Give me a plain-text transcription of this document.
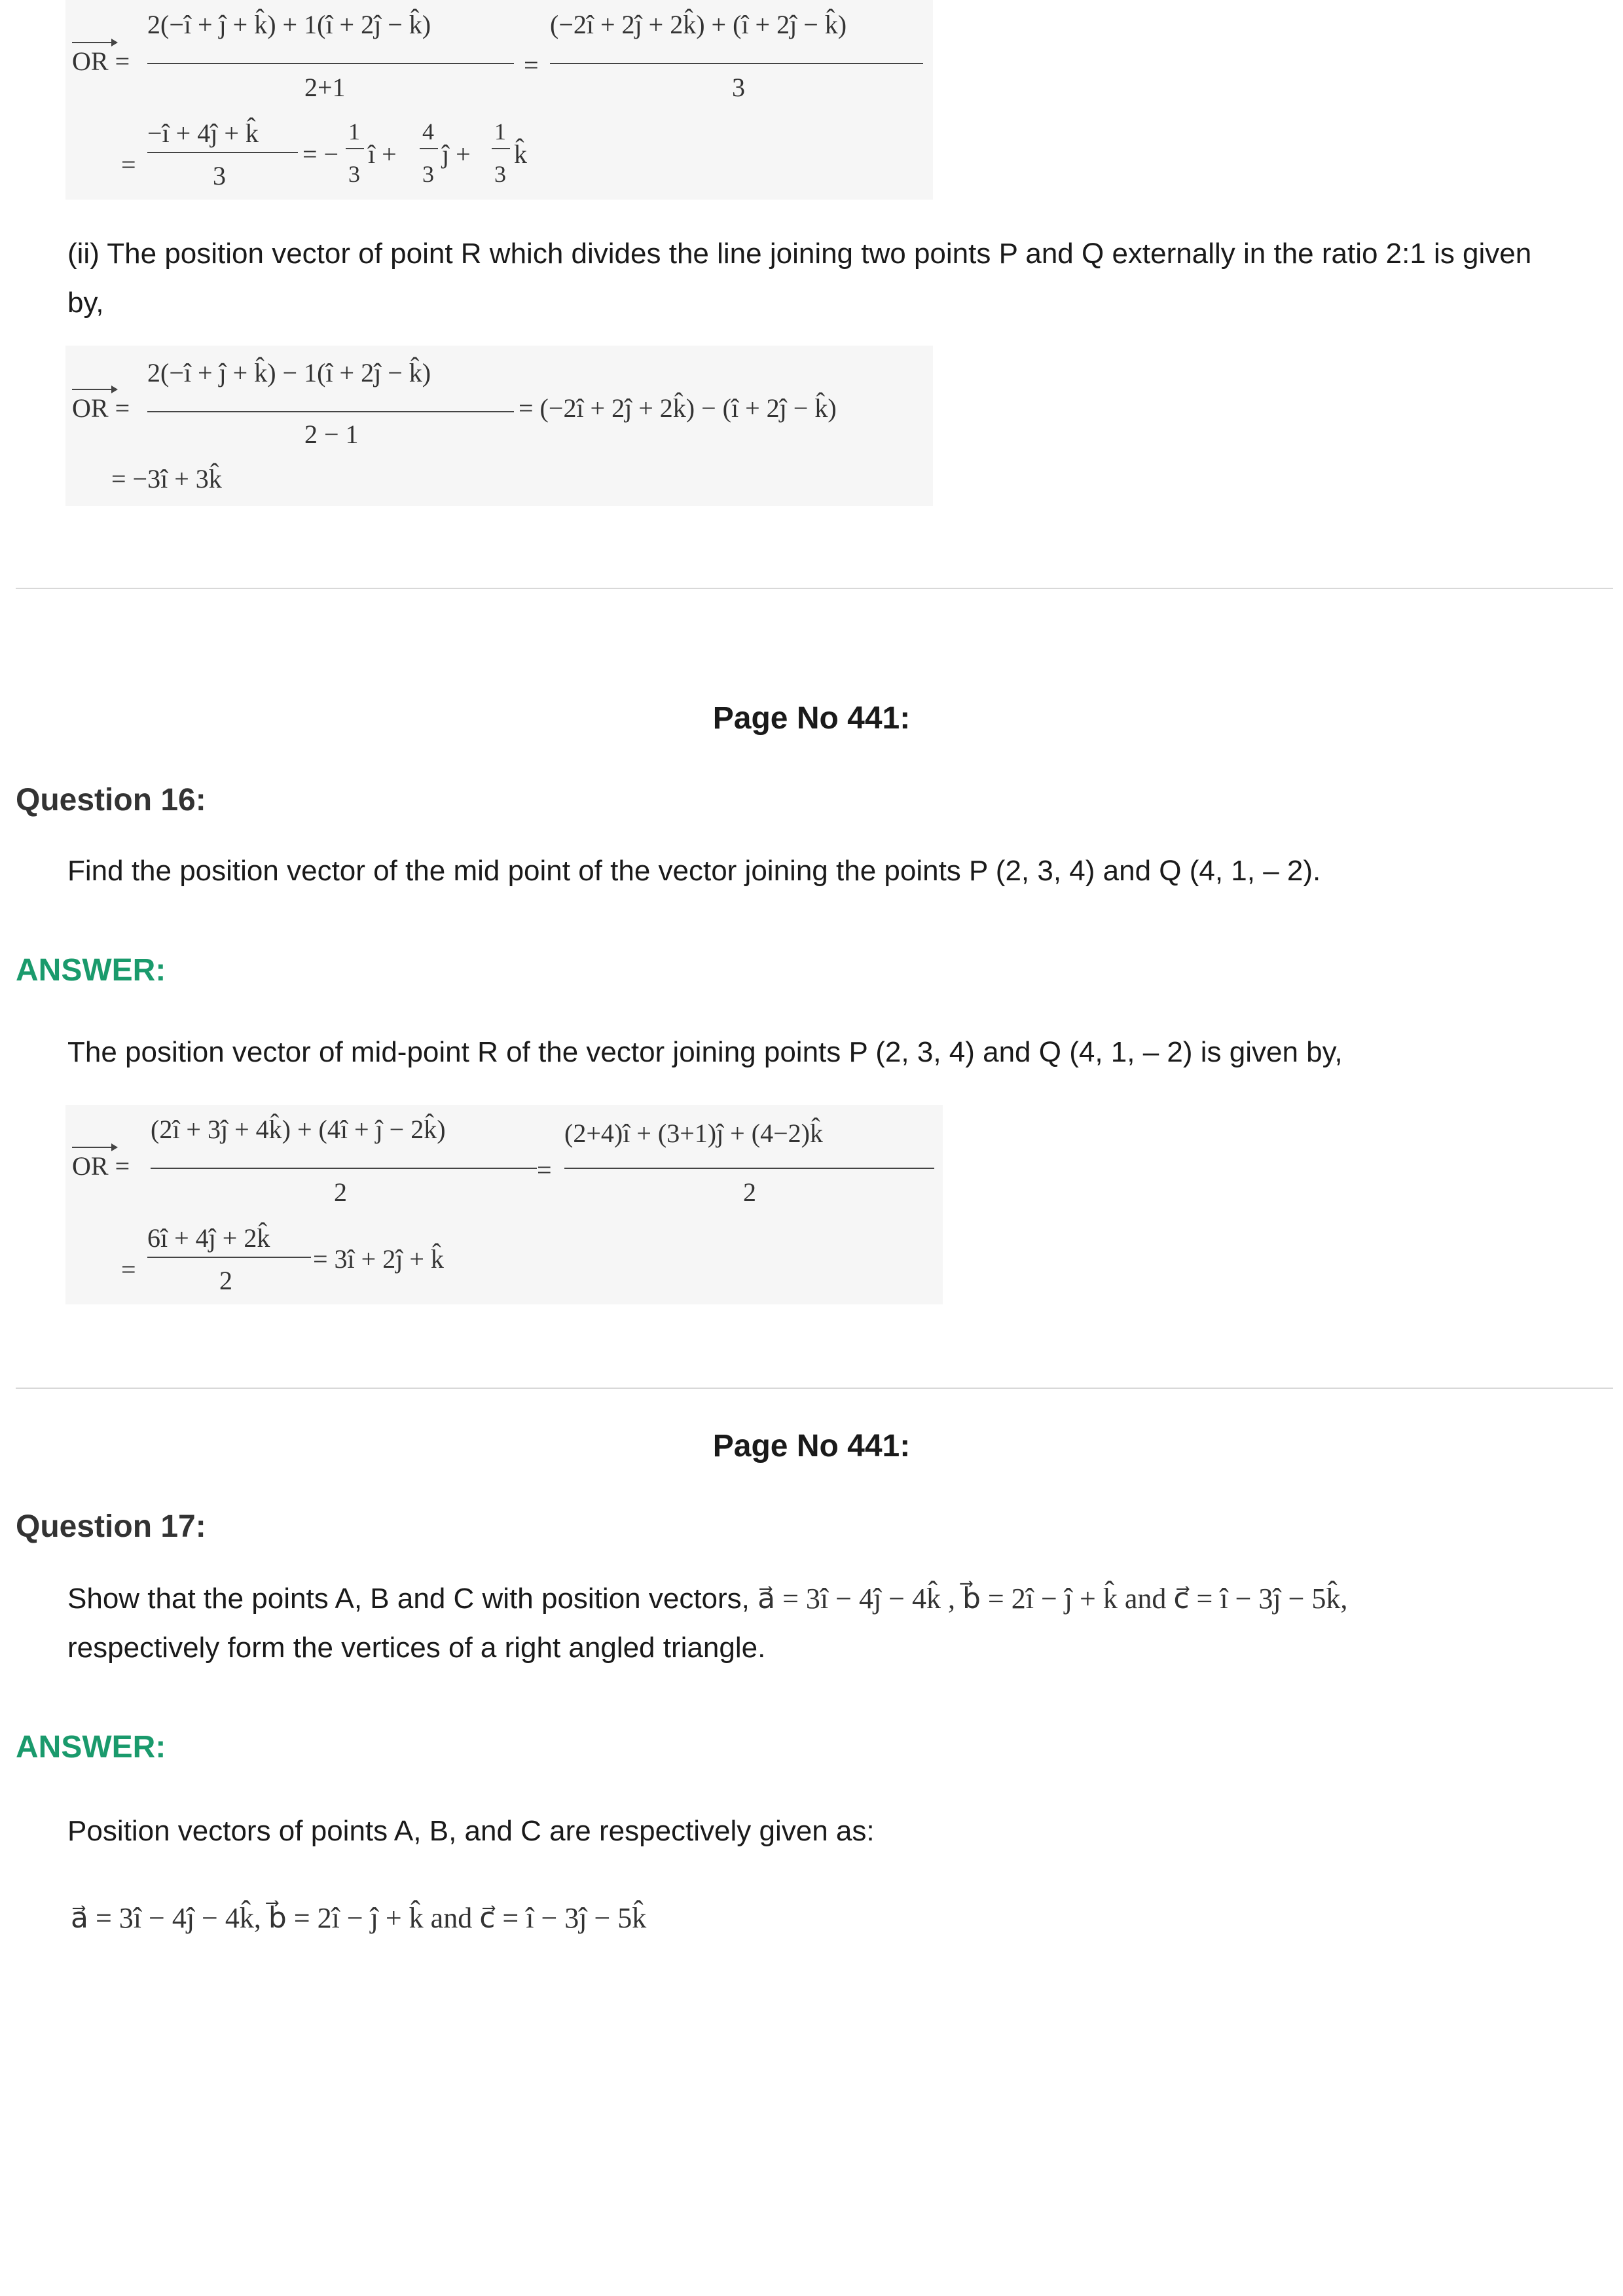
OR =
2(−î + ĵ + k̂) + 1(î + 2ĵ − k̂)
2+1
=
(−2î + 2ĵ + 2k̂) + (î + 2ĵ − k̂)
3
=
−î + 4ĵ + k̂
3
= −
1
3
î +
4
3
ĵ +
1
3
k̂
(ii) The position vector of point R which divides the line joining two points P and Q externally in the ratio 2:1 is given by,
OR =
2(−î + ĵ + k̂) − 1(î + 2ĵ − k̂)
2 − 1
= (−2î + 2ĵ + 2k̂) − (î + 2ĵ − k̂)
= −3î + 3k̂
Page No 441:
Question 16:
Find the position vector of the mid point of the vector joining the points P (2, 3, 4) and Q (4, 1, – 2).
ANSWER:
The position vector of mid-point R of the vector joining points P (2, 3, 4) and Q (4, 1, – 2) is given by,
OR =
(2î + 3ĵ + 4k̂) + (4î + ĵ − 2k̂)
2
=
(2+4)î + (3+1)ĵ + (4−2)k̂
2
=
6î + 4ĵ + 2k̂
2
= 3î + 2ĵ + k̂
Page No 441:
Question 17:
Show that the points A, B and C with position vectors, a⃗ = 3î − 4ĵ − 4k̂ , b⃗ = 2î − ĵ + k̂ and c⃗ = î − 3ĵ − 5k̂,
respectively form the vertices of a right angled triangle.
ANSWER:
Position vectors of points A, B, and C are respectively given as:
a⃗ = 3î − 4ĵ − 4k̂, b⃗ = 2î − ĵ + k̂ and c⃗ = î − 3ĵ − 5k̂
